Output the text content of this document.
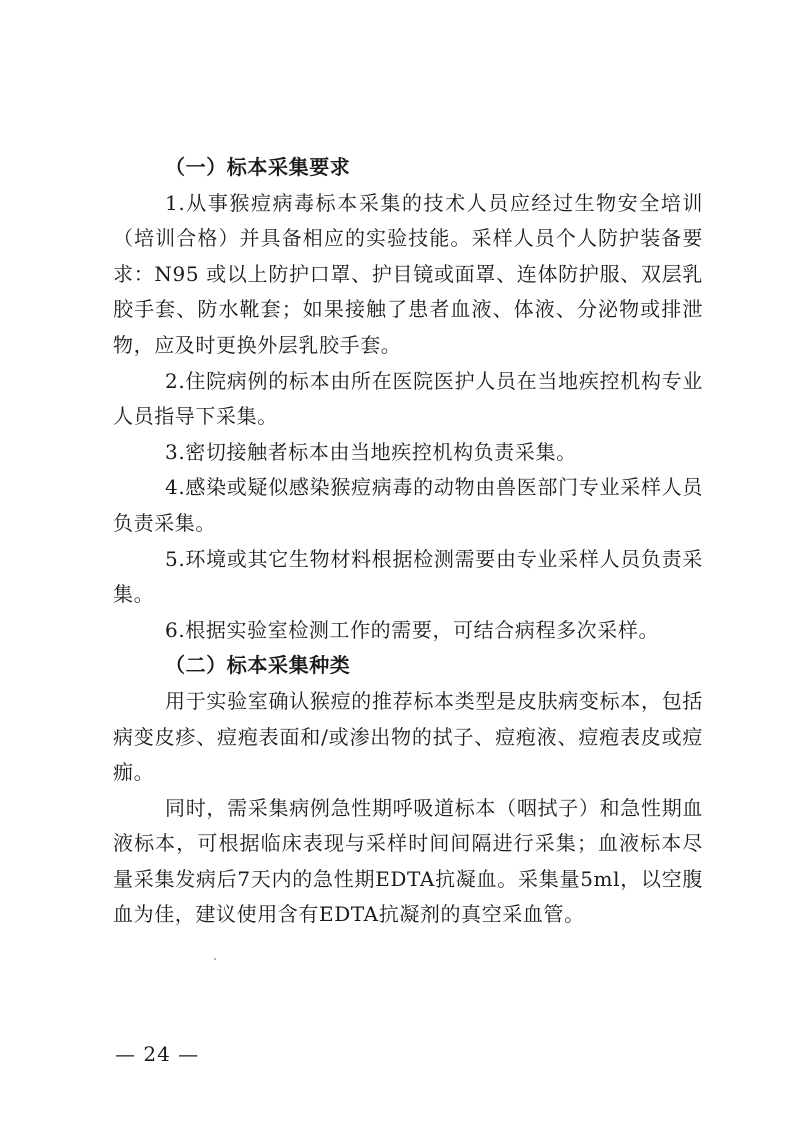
（一）标本采集要求

1.从事猴痘病毒标本采集的技术人员应经过生物安全培训（培训合格）并具备相应的实验技能。采样人员个人防护装备要求：N95 或以上防护口罩、护目镜或面罩、连体防护服、双层乳胶手套、防水靴套；如果接触了患者血液、体液、分泌物或排泄物，应及时更换外层乳胶手套。

2.住院病例的标本由所在医院医护人员在当地疾控机构专业人员指导下采集。

3.密切接触者标本由当地疾控机构负责采集。

4.感染或疑似感染猴痘病毒的动物由兽医部门专业采样人员负责采集。

5.环境或其它生物材料根据检测需要由专业采样人员负责采集。

6.根据实验室检测工作的需要，可结合病程多次采样。

（二）标本采集种类

用于实验室确认猴痘的推荐标本类型是皮肤病变标本，包括病变皮疹、痘疱表面和/或渗出物的拭子、痘疱液、痘疱表皮或痘痂。

同时，需采集病例急性期呼吸道标本（咽拭子）和急性期血液标本，可根据临床表现与采样时间间隔进行采集；血液标本尽量采集发病后7天内的急性期EDTA抗凝血。采集量5ml，以空腹血为佳，建议使用含有EDTA抗凝剂的真空采血管。

— 24 —
